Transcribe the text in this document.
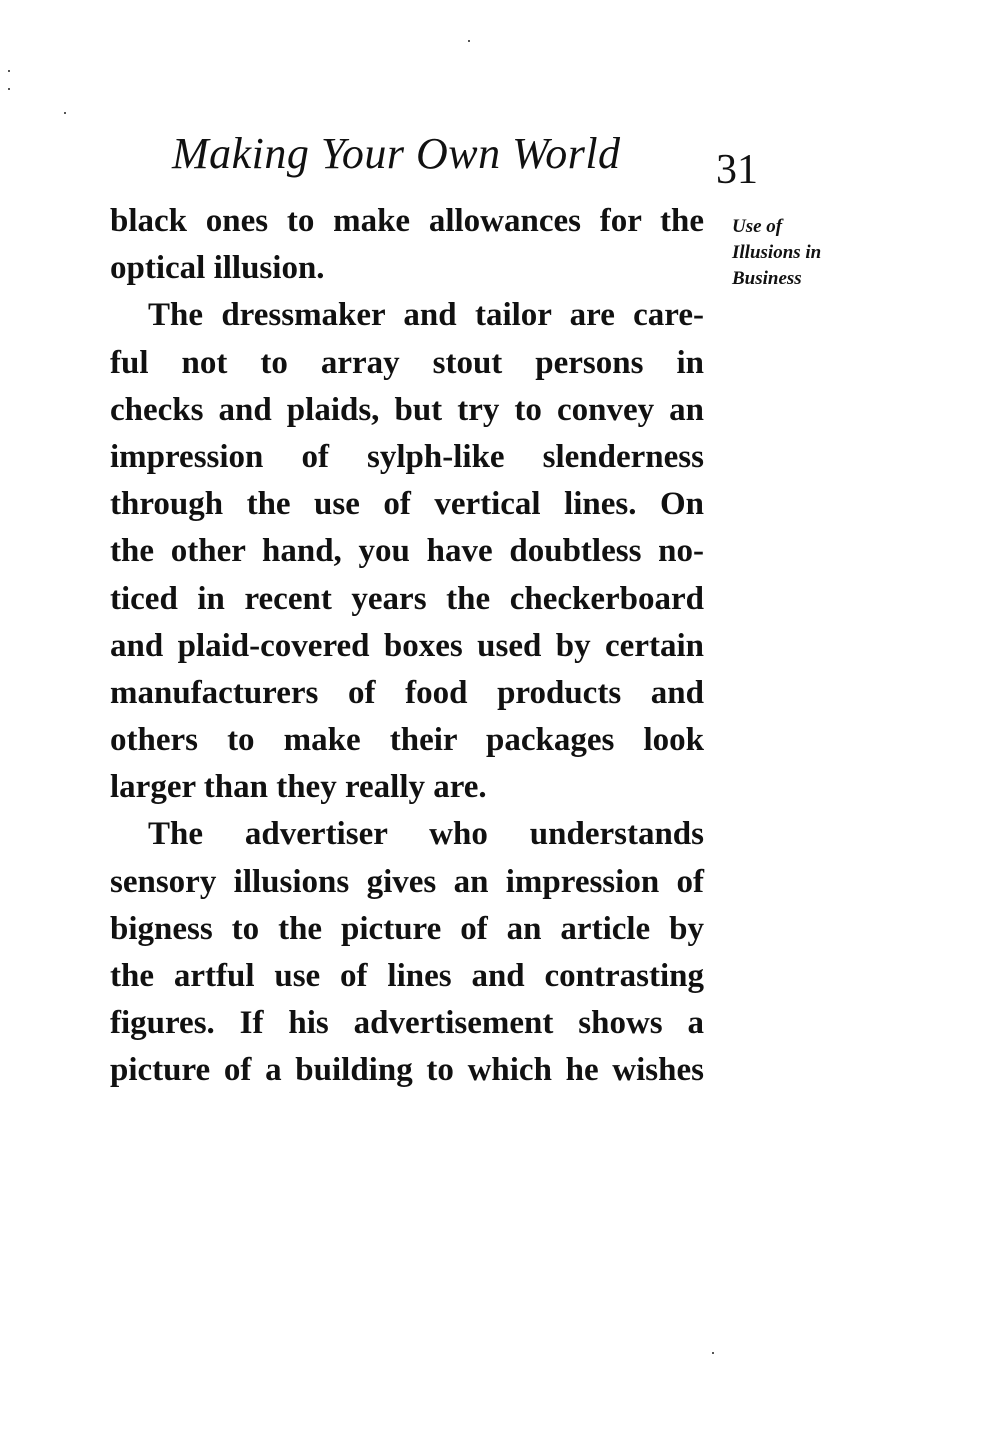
Making Your Own World 31
Use of
Illusions in
Business
black ones to make allowances for the
optical illusion.
The dressmaker and tailor are care-
ful not to array stout persons in
checks and plaids, but try to convey an
impression of sylph-like slenderness
through the use of vertical lines. On
the other hand, you have doubtless no-
ticed in recent years the checkerboard
and plaid-covered boxes used by certain
manufacturers of food products and
others to make their packages look
larger than they really are.
The advertiser who understands
sensory illusions gives an impression of
bigness to the picture of an article by
the artful use of lines and contrasting
figures. If his advertisement shows a
picture of a building to which he wishes
